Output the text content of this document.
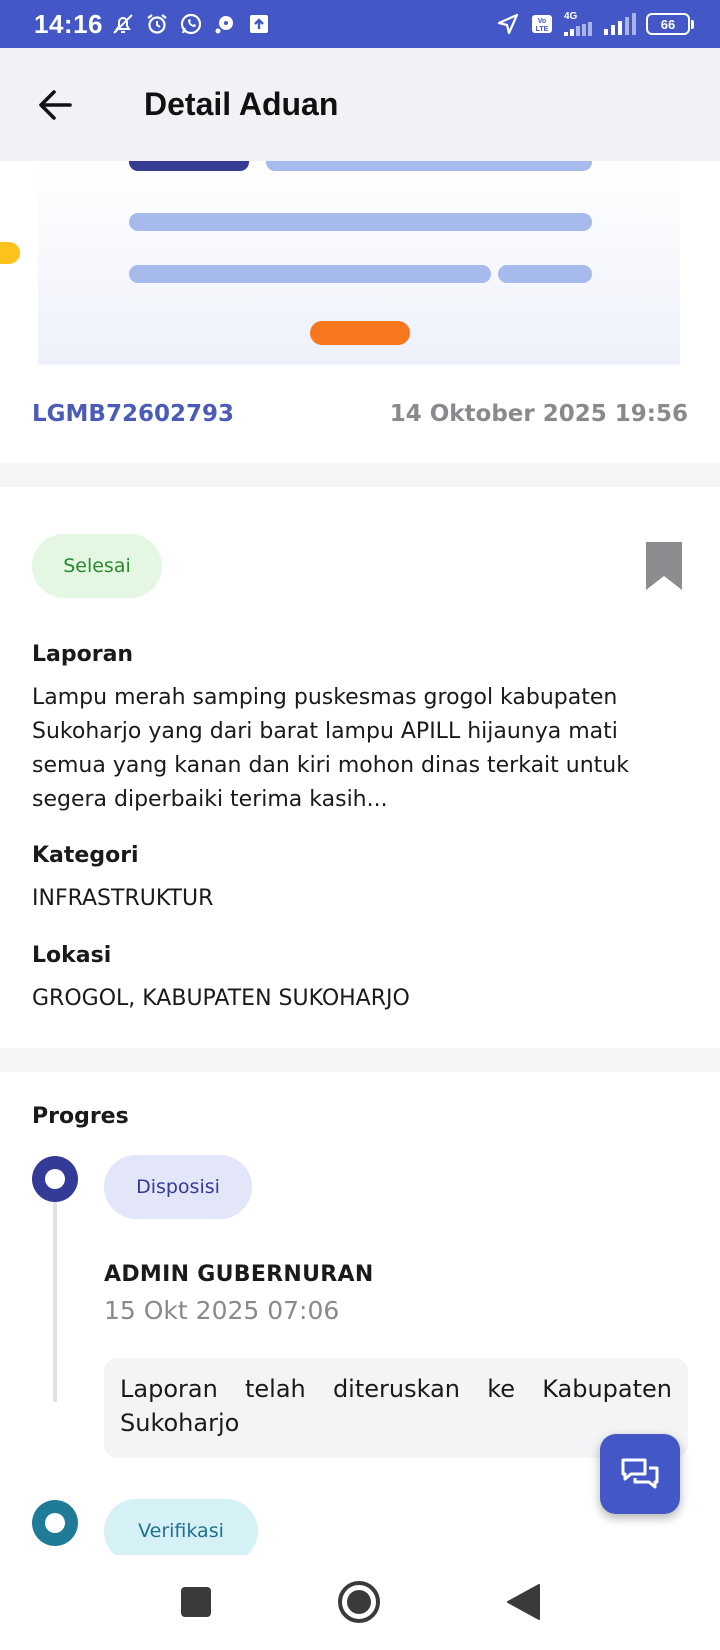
14:16	Vo
LTE
4G	66
Detail Aduan
LGMB72602793	14 Oktober 2025 19:56
Selesai
Laporan
Lampu merah samping puskesmas grogol kabupaten Sukoharjo yang dari barat lampu APILL hijaunya mati semua yang kanan dan kiri mohon dinas terkait untuk segera diperbaiki terima kasih...
Kategori
INFRASTRUKTUR
Lokasi
GROGOL, KABUPATEN SUKOHARJO
Progres
Disposisi
ADMIN GUBERNURAN
15 Okt 2025 07:06
Laporan telah diteruskan ke Kabupaten Sukoharjo
Verifikasi
